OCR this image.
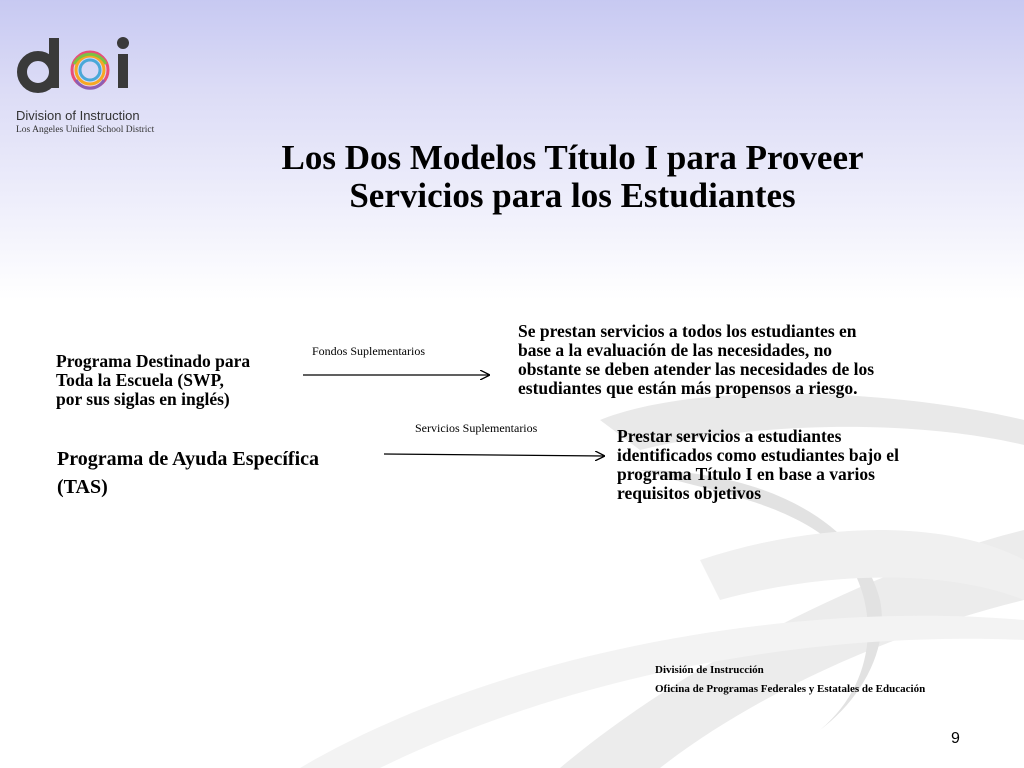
Division of Instruction
Los Angeles Unified School District
Los Dos Modelos Título I para Proveer
Servicios para los Estudiantes
Programa Destinado para
Toda la Escuela (SWP,
por sus siglas en inglés)
Fondos Suplementarios
Se prestan servicios a todos los estudiantes en
base a la evaluación de las necesidades, no
obstante se deben atender las necesidades de los
estudiantes que están más propensos a riesgo.
Programa de Ayuda Específica
(TAS)
Servicios Suplementarios	Prestar servicios a estudiantes
identificados como estudiantes bajo el
programa Título I en base a varios
requisitos objetivos
División de Instrucción
Oficina de Programas Federales y Estatales de Educación
9
